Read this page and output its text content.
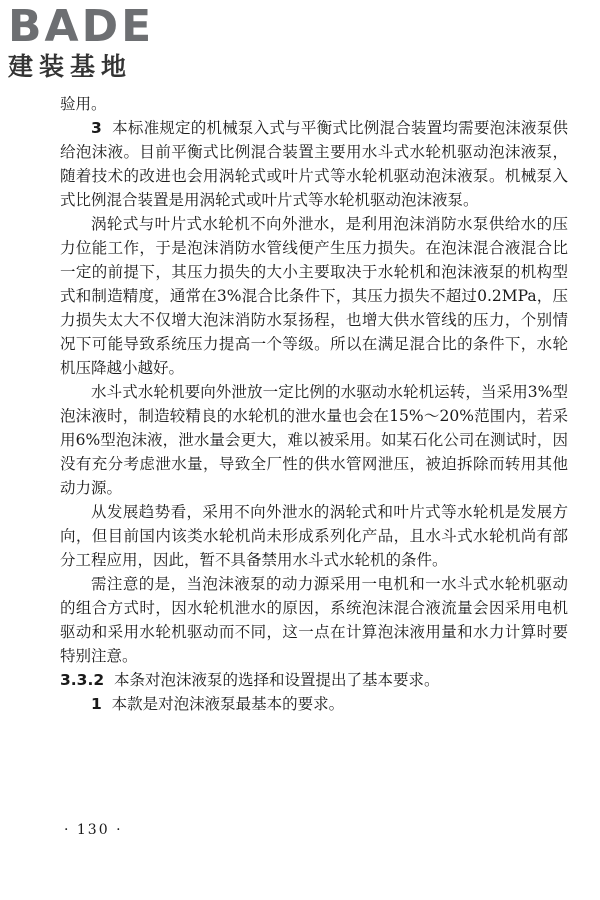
BADE
建装基地

验用。

3 本标准规定的机械泵入式与平衡式比例混合装置均需要泡沫液泵供给泡沫液。目前平衡式比例混合装置主要用水斗式水轮机驱动泡沫液泵，随着技术的改进也会用涡轮式或叶片式等水轮机驱动泡沫液泵。机械泵入式比例混合装置是用涡轮式或叶片式等水轮机驱动泡沫液泵。

涡轮式与叶片式水轮机不向外泄水，是利用泡沫消防水泵供给水的压力位能工作，于是泡沫消防水管线便产生压力损失。在泡沫混合液混合比一定的前提下，其压力损失的大小主要取决于水轮机和泡沫液泵的机构型式和制造精度，通常在3%混合比条件下，其压力损失不超过0.2MPa，压力损失太大不仅增大泡沫消防水泵扬程，也增大供水管线的压力，个别情况下可能导致系统压力提高一个等级。所以在满足混合比的条件下，水轮机压降越小越好。

水斗式水轮机要向外泄放一定比例的水驱动水轮机运转，当采用3%型泡沫液时，制造较精良的水轮机的泄水量也会在15%～20%范围内，若采用6%型泡沫液，泄水量会更大，难以被采用。如某石化公司在测试时，因没有充分考虑泄水量，导致全厂性的供水管网泄压，被迫拆除而转用其他动力源。

从发展趋势看，采用不向外泄水的涡轮式和叶片式等水轮机是发展方向，但目前国内该类水轮机尚未形成系列化产品，且水斗式水轮机尚有部分工程应用，因此，暂不具备禁用水斗式水轮机的条件。

需注意的是，当泡沫液泵的动力源采用一电机和一水斗式水轮机驱动的组合方式时，因水轮机泄水的原因，系统泡沫混合液流量会因采用电机驱动和采用水轮机驱动而不同，这一点在计算泡沫液用量和水力计算时要特别注意。

3.3.2 本条对泡沫液泵的选择和设置提出了基本要求。

1 本款是对泡沫液泵最基本的要求。

· 130 ·
